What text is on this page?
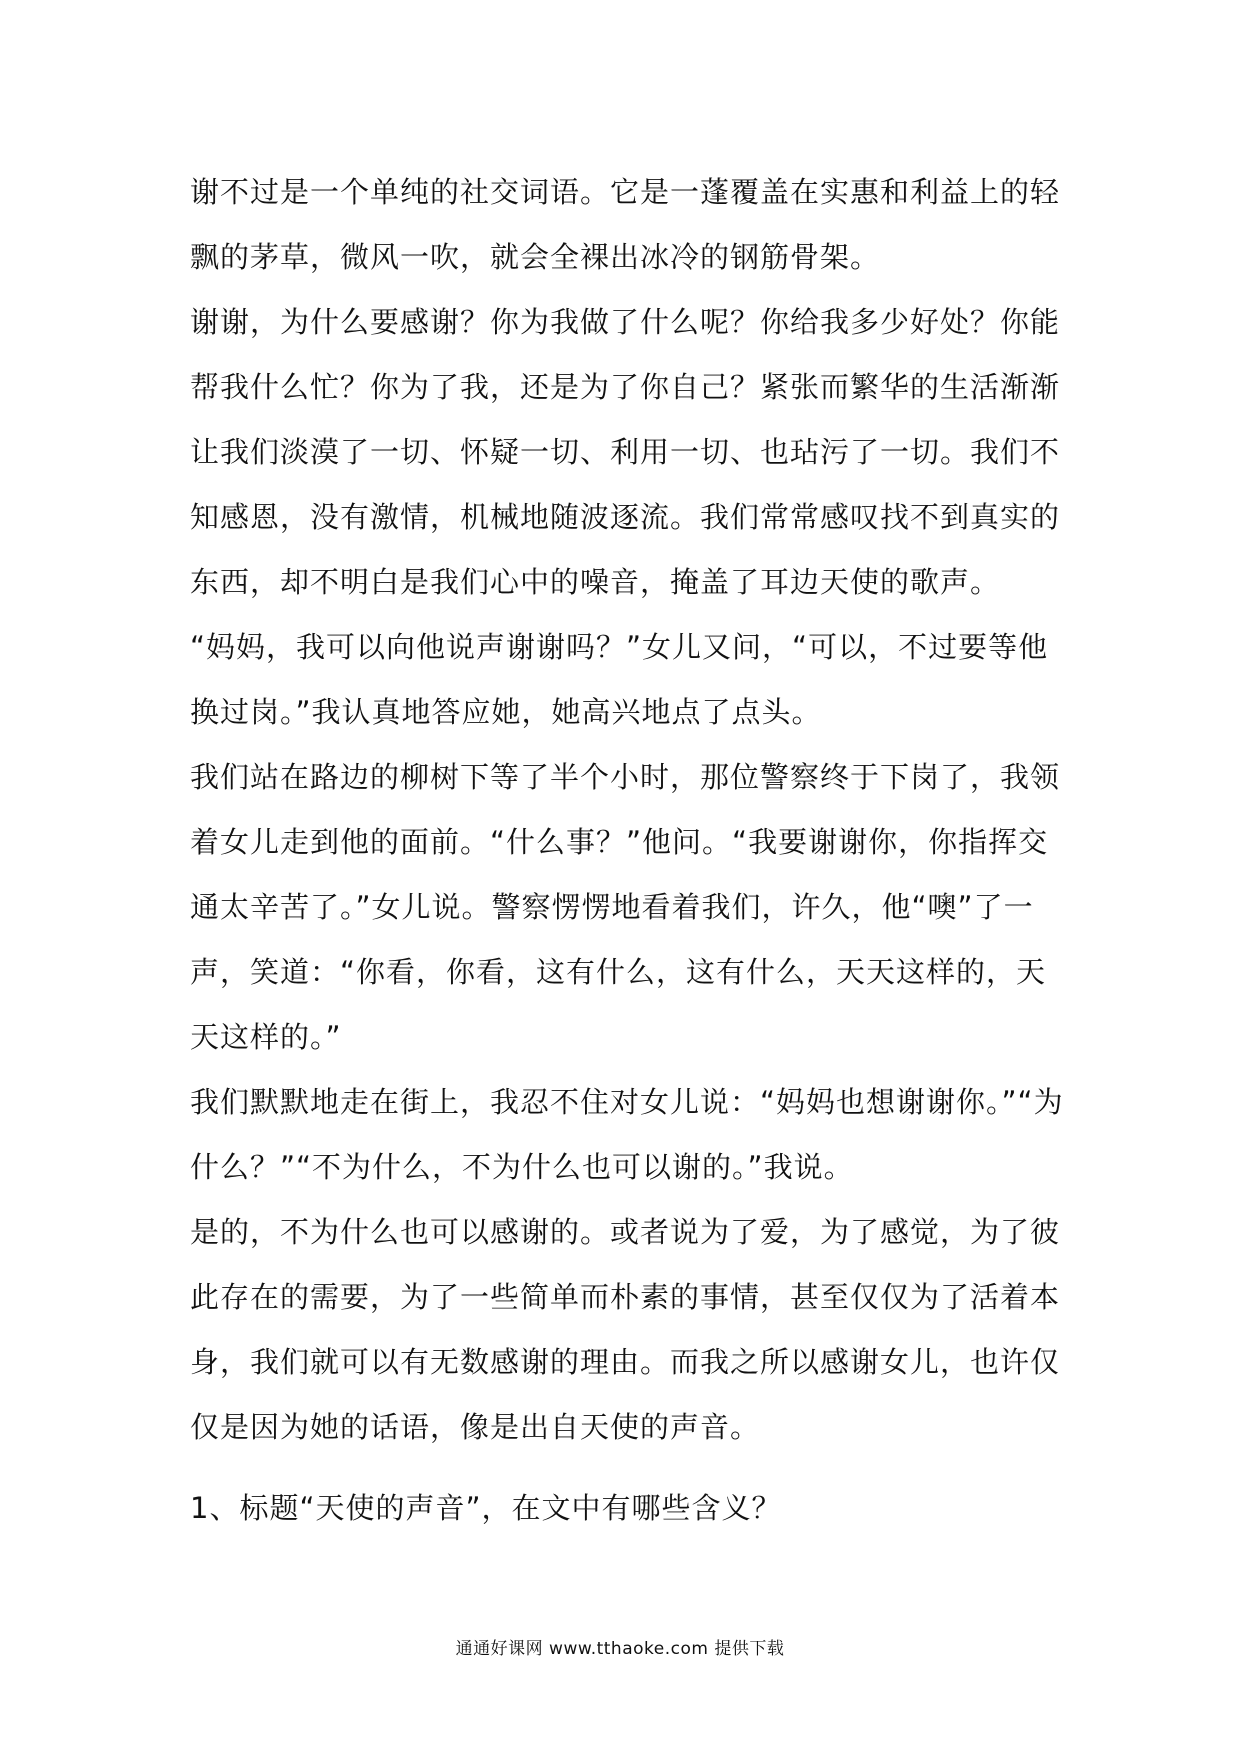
谢不过是一个单纯的社交词语。它是一蓬覆盖在实惠和利益上的轻飘的茅草，微风一吹，就会全裸出冰冷的钢筋骨架。

谢谢，为什么要感谢？你为我做了什么呢？你给我多少好处？你能帮我什么忙？你为了我，还是为了你自己？紧张而繁华的生活渐渐让我们淡漠了一切、怀疑一切、利用一切、也玷污了一切。我们不知感恩，没有激情，机械地随波逐流。我们常常感叹找不到真实的东西，却不明白是我们心中的噪音，掩盖了耳边天使的歌声。

“妈妈，我可以向他说声谢谢吗？”女儿又问，“可以，不过要等他换过岗。”我认真地答应她，她高兴地点了点头。

我们站在路边的柳树下等了半个小时，那位警察终于下岗了，我领着女儿走到他的面前。“什么事？”他问。“我要谢谢你，你指挥交通太辛苦了。”女儿说。警察愣愣地看着我们，许久，他“噢”了一声，笑道：“你看，你看，这有什么，这有什么，天天这样的，天天这样的。”

我们默默地走在街上，我忍不住对女儿说：“妈妈也想谢谢你。”“为什么？”“不为什么，不为什么也可以谢的。”我说。

是的，不为什么也可以感谢的。或者说为了爱，为了感觉，为了彼此存在的需要，为了一些简单而朴素的事情，甚至仅仅为了活着本身，我们就可以有无数感谢的理由。而我之所以感谢女儿，也许仅仅是因为她的话语，像是出自天使的声音。

1、标题“天使的声音”，在文中有哪些含义？
通通好课网 www.tthaoke.com 提供下载
